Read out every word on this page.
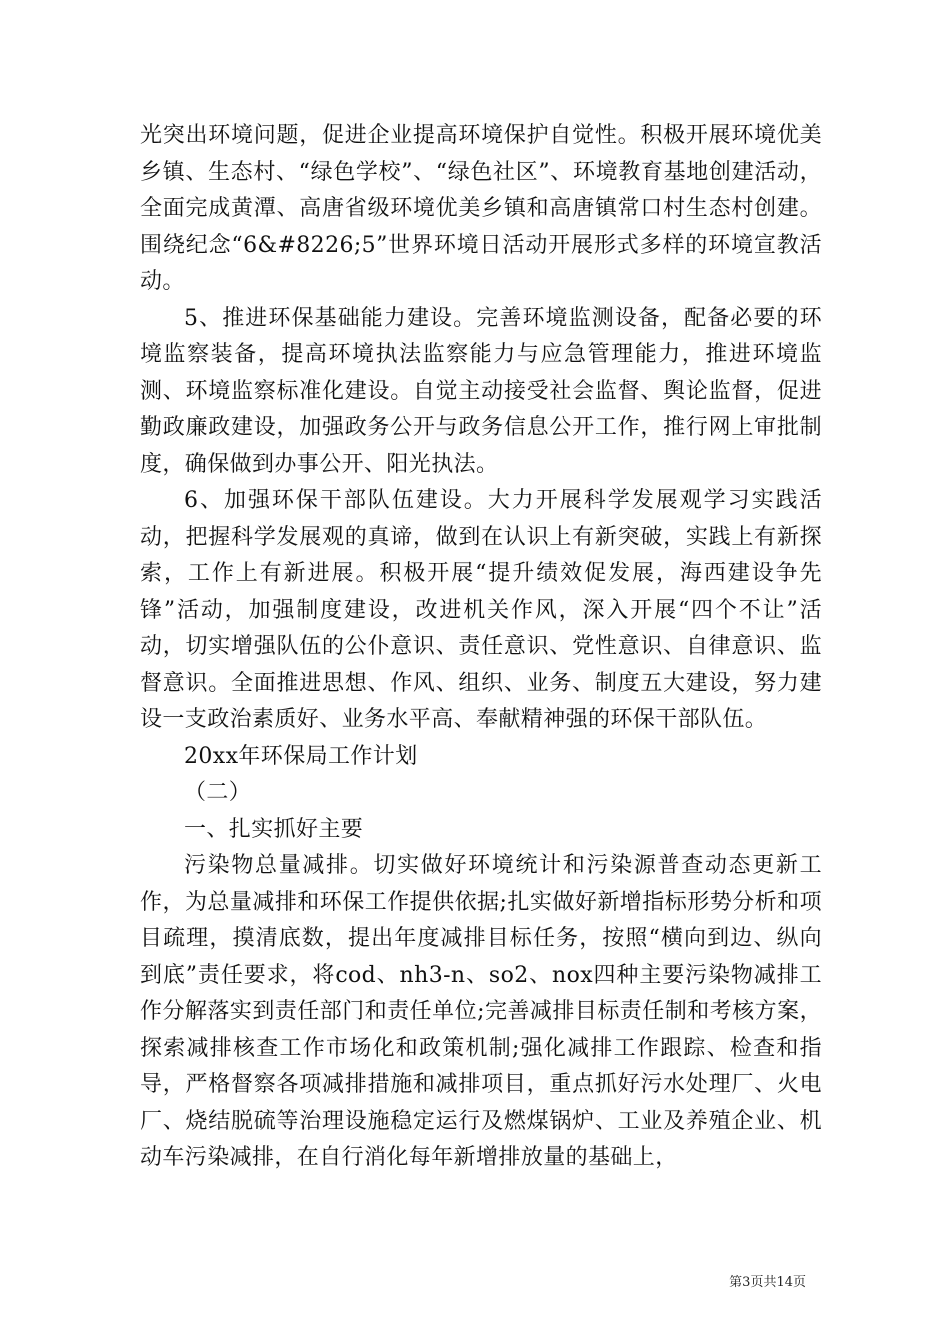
光突出环境问题，促进企业提高环境保护自觉性。积极开展环境优美乡镇、生态村、“绿色学校”、“绿色社区”、环境教育基地创建活动，全面完成黄潭、高唐省级环境优美乡镇和高唐镇常口村生态村创建。围绕纪念“6&#8226;5”世界环境日活动开展形式多样的环境宣教活动。

5、推进环保基础能力建设。完善环境监测设备，配备必要的环境监察装备，提高环境执法监察能力与应急管理能力，推进环境监测、环境监察标准化建设。自觉主动接受社会监督、舆论监督，促进勤政廉政建设，加强政务公开与政务信息公开工作，推行网上审批制度，确保做到办事公开、阳光执法。

6、加强环保干部队伍建设。大力开展科学发展观学习实践活动，把握科学发展观的真谛，做到在认识上有新突破，实践上有新探索，工作上有新进展。积极开展“提升绩效促发展，海西建设争先锋”活动，加强制度建设，改进机关作风，深入开展“四个不让”活动，切实增强队伍的公仆意识、责任意识、党性意识、自律意识、监督意识。全面推进思想、作风、组织、业务、制度五大建设，努力建设一支政治素质好、业务水平高、奉献精神强的环保干部队伍。

20xx年环保局工作计划

（二）

一、扎实抓好主要

污染物总量减排。切实做好环境统计和污染源普查动态更新工作，为总量减排和环保工作提供依据;扎实做好新增指标形势分析和项目疏理，摸清底数，提出年度减排目标任务，按照“横向到边、纵向到底”责任要求，将cod、nh3-n、so2、nox四种主要污染物减排工作分解落实到责任部门和责任单位;完善减排目标责任制和考核方案，探索减排核查工作市场化和政策机制;强化减排工作跟踪、检查和指导，严格督察各项减排措施和减排项目，重点抓好污水处理厂、火电厂、烧结脱硫等治理设施稳定运行及燃煤锅炉、工业及养殖企业、机动车污染减排，在自行消化每年新增排放量的基础上，

第3页共14页
